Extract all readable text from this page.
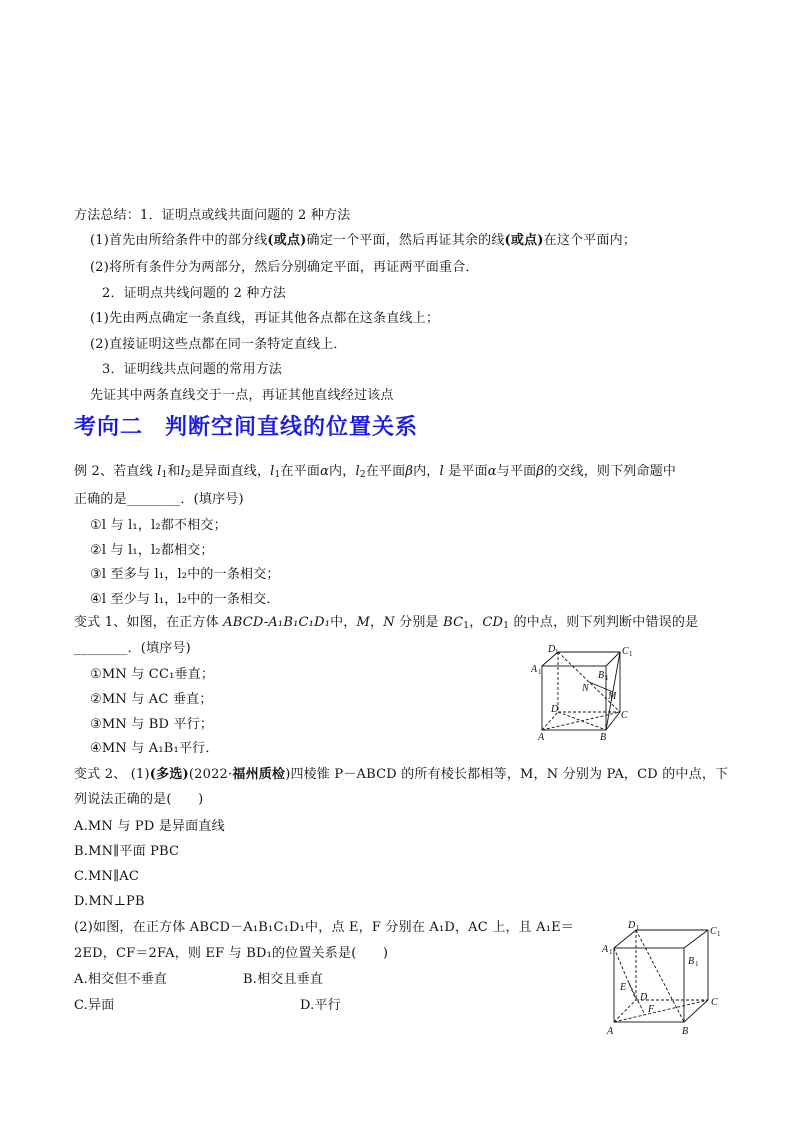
方法总结：1．证明点或线共面问题的 2 种方法
(1)首先由所给条件中的部分线(或点)确定一个平面，然后再证其余的线(或点)在这个平面内；
(2)将所有条件分为两部分，然后分别确定平面，再证两平面重合．
2．证明点共线问题的 2 种方法
(1)先由两点确定一条直线，再证其他各点都在这条直线上；
(2)直接证明这些点都在同一条特定直线上．
3．证明线共点问题的常用方法
先证其中两条直线交于一点，再证其他直线经过该点
考向二 判断空间直线的位置关系
例 2、若直线 $l_1$和$l_2$是异面直线，$l_1$在平面α内，$l_2$在平面β内，l 是平面α与平面β的交线，则下列命题中
正确的是________．(填序号)
①l 与 l₁，l₂都不相交；
②l 与 l₁，l₂都相交；
③l 至多与 l₁，l₂中的一条相交；
④l 至少与 l₁，l₂中的一条相交．
变式 1、如图，在正方体 ABCD-A₁B₁C₁D₁中，M，N 分别是 $BC_1$，$CD_1$ 的中点，则下列判断中错误的是
________．(填序号)
①MN 与 CC₁垂直；
②MN 与 AC 垂直；
③MN 与 BD 平行；
④MN 与 A₁B₁平行．
D 1	C 1
A 1	B 1
N
M
D
C
A	B
变式 2、 (1)(多选)(2022·福州质检)四棱锥 P－ABCD 的所有棱长都相等，M，N 分别为 PA，CD 的中点，下
列说法正确的是(　　)
A.MN 与 PD 是异面直线
B.MN∥平面 PBC
C.MN∥AC
D.MN⊥PB
(2)如图，在正方体 ABCD－A₁B₁C₁D₁中，点 E，F 分别在 A₁D，AC 上，且 A₁E＝
2ED，CF＝2FA，则 EF 与 BD₁的位置关系是(　　)
A.相交但不垂直	B.相交且垂直
C.异面	D.平行
D 1	C 1
A 1
B 1
E
D
F
C
A	B
